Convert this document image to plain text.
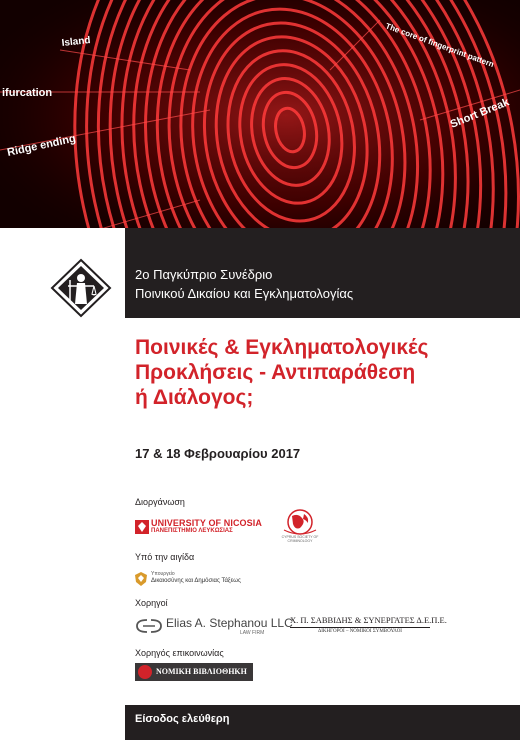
Island
ifurcation
Ridge ending
The core of fingerprint pattern
Short Break
2ο Παγκύπριο Συνέδριο
Ποινικού Δικαίου και Εγκληματολογίας
Ποινικές & Εγκληματολογικές
Προκλήσεις - Αντιπαράθεση
ή Διάλογος;
17 & 18 Φεβρουαρίου 2017
Διοργάνωση
UNIVERSITY OF NICOSIA
ΠΑΝΕΠΙΣΤΗΜΙΟ ΛΕΥΚΩΣΙΑΣ
CYPRUS SOCIETY OF CRIMINOLOGY
Υπό την αιγίδα
Υπουργείο
Δικαιοσύνης και Δημόσιας Τάξεως
Χορηγοί
Elias A. Stephanou LLC
LAW FIRM
Χ. Π. ΣΑΒΒΙΔΗΣ & ΣΥΝΕΡΓΑΤΕΣ Δ.Ε.Π.Ε.
ΔΙΚΗΓΟΡΟΙ – ΝΟΜΙΚΟΙ ΣΥΜΒΟΥΛΟΙ
Χορηγός επικοινωνίας
ΝΟΜΙΚΗ ΒΙΒΛΙΟΘΗΚΗ
Είσοδος ελεύθερη
